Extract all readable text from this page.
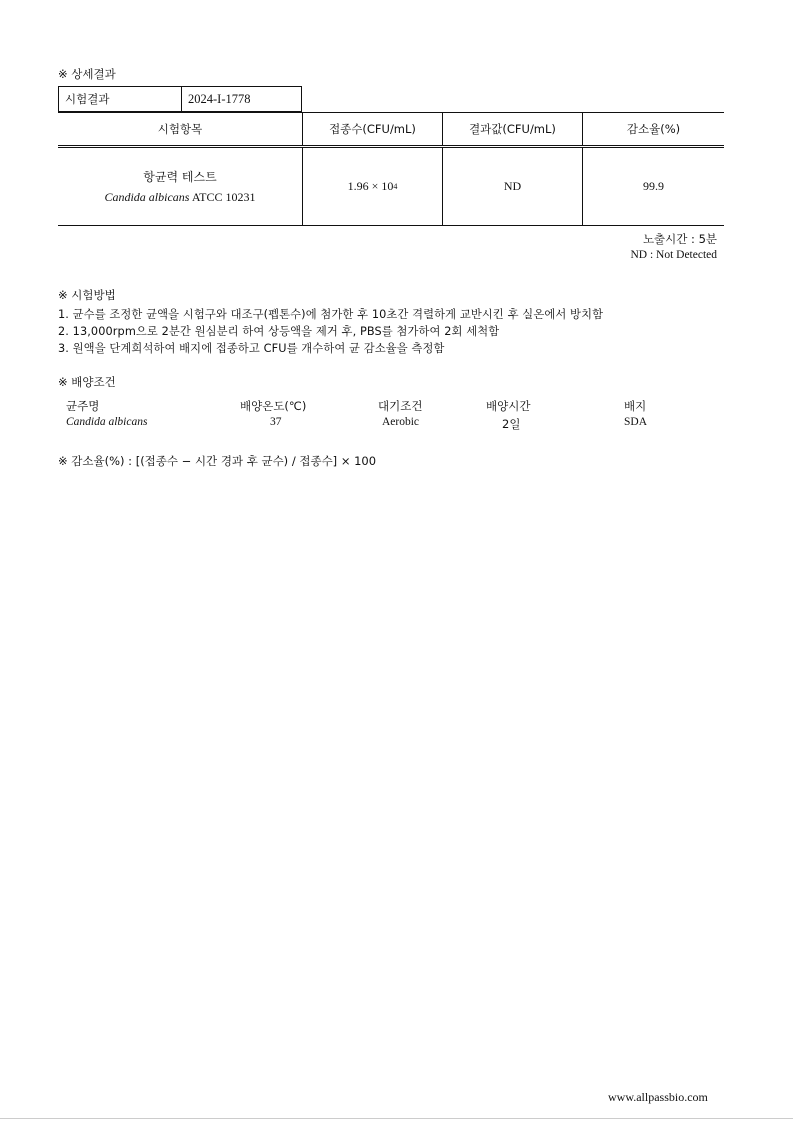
※ 상세결과
시험결과	2024-I-1778
시험항목	접종수(CFU/mL)	결과값(CFU/mL)	감소율(%)
항균력 테스트
Candida albicans ATCC 10231
1.96 × 10 4	ND	99.9
노출시간 : 5분
ND : Not Detected
※ 시험방법
1. 균수를 조정한 균액을 시험구와 대조구(펩톤수)에 첨가한 후 10초간 격렬하게 교반시킨 후 실온에서 방치함
2. 13,000rpm으로 2분간 원심분리 하여 상등액을 제거 후, PBS를 첨가하여 2회 세척함
3. 원액을 단계희석하여 배지에 접종하고 CFU를 개수하여 균 감소율을 측정함
※ 배양조건
균주명	배양온도(℃)	대기조건	배양시간	배지
Candida albicans	37	Aerobic	2일	SDA
※ 감소율(%) : [(접종수 − 시간 경과 후 균수) / 접종수] × 100
www.allpassbio.com
